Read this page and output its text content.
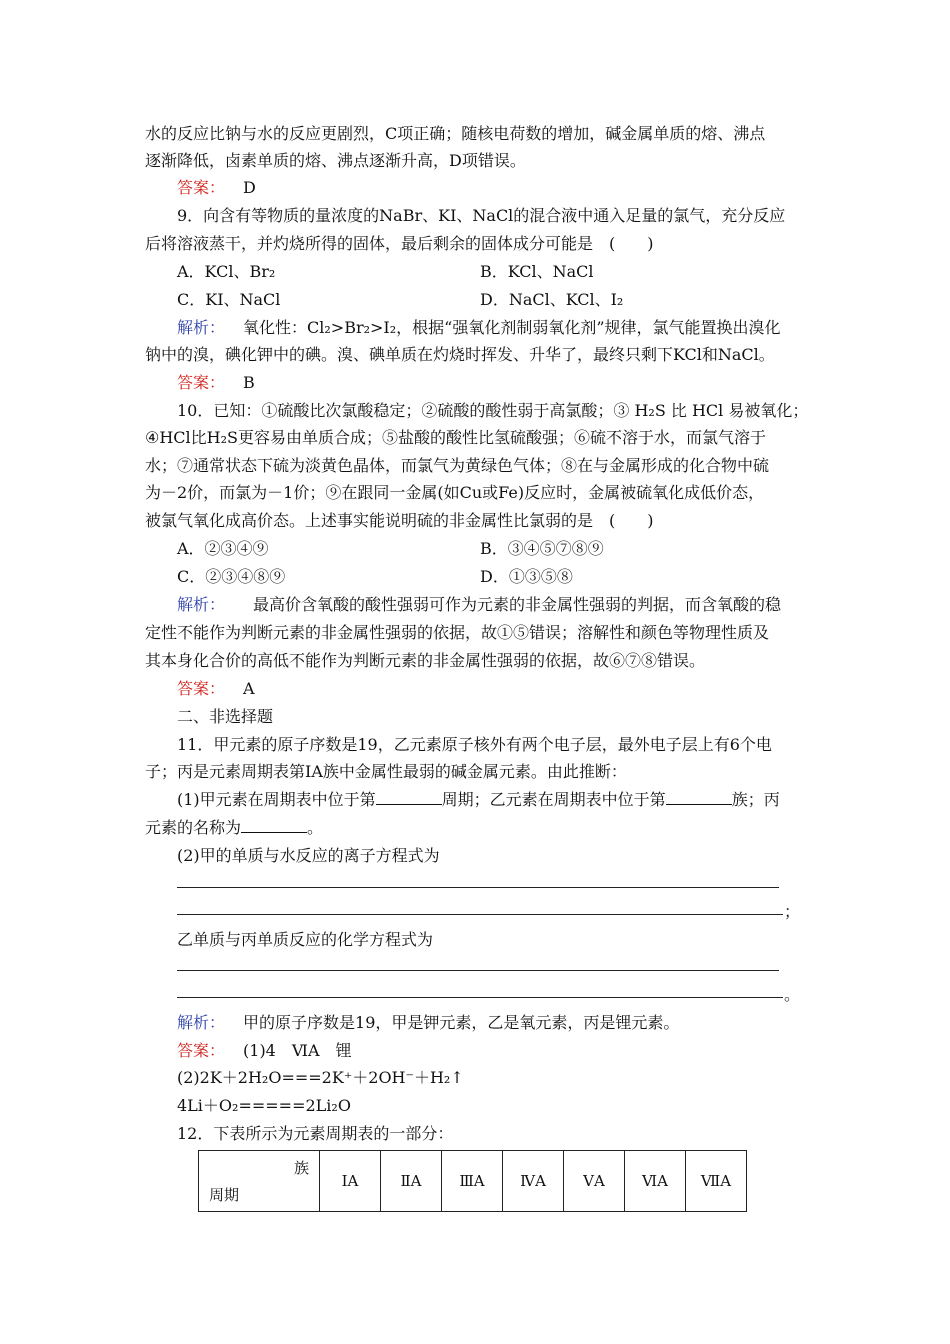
水的反应比钠与水的反应更剧烈，C项正确；随核电荷数的增加，碱金属单质的熔、沸点
逐渐降低，卤素单质的熔、沸点逐渐升高，D项错误。
答案： D
9．向含有等物质的量浓度的NaBr、KI、NaCl的混合液中通入足量的氯气，充分反应
后将溶液蒸干，并灼烧所得的固体，最后剩余的固体成分可能是　(　　)
A．KCl、Br₂	B．KCl、NaCl
C．KI、NaCl	D．NaCl、KCl、I₂
解析： 氧化性：Cl₂>Br₂>I₂，根据“强氧化剂制弱氧化剂”规律，氯气能置换出溴化
钠中的溴，碘化钾中的碘。溴、碘单质在灼烧时挥发、升华了，最终只剩下KCl和NaCl。
答案： B
10．已知：①硫酸比次氯酸稳定；②硫酸的酸性弱于高氯酸；③ H₂S 比 HCl 易被氧化；
④HCl比H₂S更容易由单质合成；⑤盐酸的酸性比氢硫酸强；⑥硫不溶于水，而氯气溶于
水；⑦通常状态下硫为淡黄色晶体，而氯气为黄绿色气体；⑧在与金属形成的化合物中硫
为－2价，而氯为－1价；⑨在跟同一金属(如Cu或Fe)反应时，金属被硫氧化成低价态，
被氯气氧化成高价态。上述事实能说明硫的非金属性比氯弱的是　(　　)
A．②③④⑨	B．③④⑤⑦⑧⑨
C．②③④⑧⑨	D．①③⑤⑧
解析： 最高价含氧酸的酸性强弱可作为元素的非金属性强弱的判据，而含氧酸的稳
定性不能作为判断元素的非金属性强弱的依据，故①⑤错误；溶解性和颜色等物理性质及
其本身化合价的高低不能作为判断元素的非金属性强弱的依据，故⑥⑦⑧错误。
答案： A
二、非选择题
11．甲元素的原子序数是19，乙元素原子核外有两个电子层，最外电子层上有6个电
子；丙是元素周期表第ⅠA族中金属性最弱的碱金属元素。由此推断：
(1)甲元素在周期表中位于第	周期；乙元素在周期表中位于第	族；丙
元素的名称为	。
(2)甲的单质与水反应的离子方程式为
；
乙单质与丙单质反应的化学方程式为
。
解析： 甲的原子序数是19，甲是钾元素，乙是氧元素，丙是锂元素。
答案： (1)4　ⅥA　锂
(2)2K＋2H₂O===2K⁺＋2OH⁻＋H₂↑
4Li＋O₂=====2Li₂O
12．下表所示为元素周期表的一部分：
族
周期
	ⅠA	ⅡA	ⅢA	ⅣA	ⅤA	ⅥA	ⅦA
